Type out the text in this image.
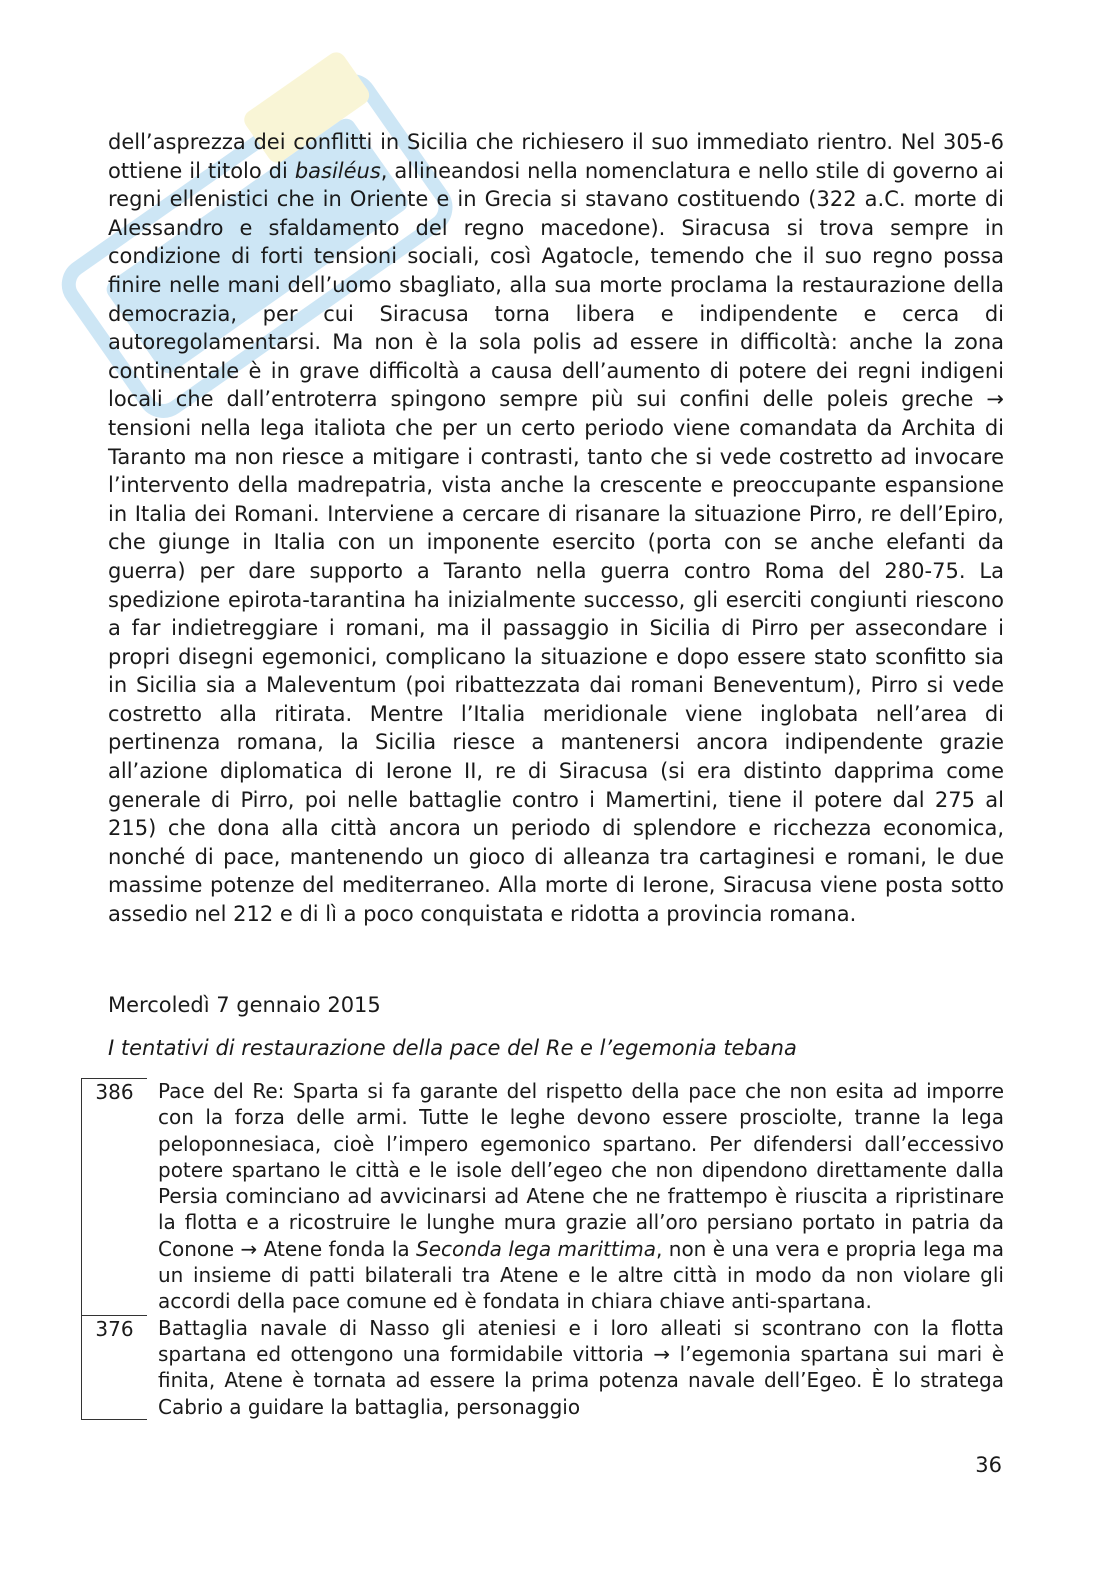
dell’asprezza dei conflitti in Sicilia che richiesero il suo immediato rientro. Nel 305-6 ottiene il titolo di basiléus, allineandosi nella nomenclatura e nello stile di governo ai regni ellenistici che in Oriente e in Grecia si stavano costituendo (322 a.C. morte di Alessandro e sfaldamento del regno macedone). Siracusa si trova sempre in condizione di forti tensioni sociali, così Agatocle, temendo che il suo regno possa finire nelle mani dell’uomo sbagliato, alla sua morte proclama la restaurazione della democrazia, per cui Siracusa torna libera e indipendente e cerca di autoregolamentarsi. Ma non è la sola polis ad essere in difficoltà: anche la zona continentale è in grave difficoltà a causa dell’aumento di potere dei regni indigeni locali che dall’entroterra spingono sempre più sui confini delle poleis greche → tensioni nella lega italiota che per un certo periodo viene comandata da Archita di Taranto ma non riesce a mitigare i contrasti, tanto che si vede costretto ad invocare l’intervento della madrepatria, vista anche la crescente e preoccupante espansione in Italia dei Romani. Interviene a cercare di risanare la situazione Pirro, re dell’Epiro, che giunge in Italia con un imponente esercito (porta con se anche elefanti da guerra) per dare supporto a Taranto nella guerra contro Roma del 280-75. La spedizione epirota-tarantina ha inizialmente successo, gli eserciti congiunti riescono a far indietreggiare i romani, ma il passaggio in Sicilia di Pirro per assecondare i propri disegni egemonici, complicano la situazione e dopo essere stato sconfitto sia in Sicilia sia a Maleventum (poi ribattezzata dai romani Beneventum), Pirro si vede costretto alla ritirata. Mentre l’Italia meridionale viene inglobata nell’area di pertinenza romana, la Sicilia riesce a mantenersi ancora indipendente grazie all’azione diplomatica di Ierone II, re di Siracusa (si era distinto dapprima come generale di Pirro, poi nelle battaglie contro i Mamertini, tiene il potere dal 275 al 215) che dona alla città ancora un periodo di splendore e ricchezza economica, nonché di pace, mantenendo un gioco di alleanza tra cartaginesi e romani, le due massime potenze del mediterraneo. Alla morte di Ierone, Siracusa viene posta sotto assedio nel 212 e di lì a poco conquistata e ridotta a provincia romana.

Mercoledì 7 gennaio 2015

I tentativi di restaurazione della pace del Re e l’egemonia tebana

386	Pace del Re: Sparta si fa garante del rispetto della pace che non esita ad imporre con la forza delle armi. Tutte le leghe devono essere prosciolte, tranne la lega peloponnesiaca, cioè l’impero egemonico spartano. Per difendersi dall’eccessivo potere spartano le città e le isole dell’egeo che non dipendono direttamente dalla Persia cominciano ad avvicinarsi ad Atene che ne frattempo è riuscita a ripristinare la flotta e a ricostruire le lunghe mura grazie all’oro persiano portato in patria da Conone → Atene fonda la Seconda lega marittima, non è una vera e propria lega ma un insieme di patti bilaterali tra Atene e le altre città in modo da non violare gli accordi della pace comune ed è fondata in chiara chiave anti-spartana.
376	Battaglia navale di Nasso gli ateniesi e i loro alleati si scontrano con la flotta spartana ed ottengono una formidabile vittoria → l’egemonia spartana sui mari è finita, Atene è tornata ad essere la prima potenza navale dell’Egeo. È lo stratega Cabrio a guidare la battaglia, personaggio

36
